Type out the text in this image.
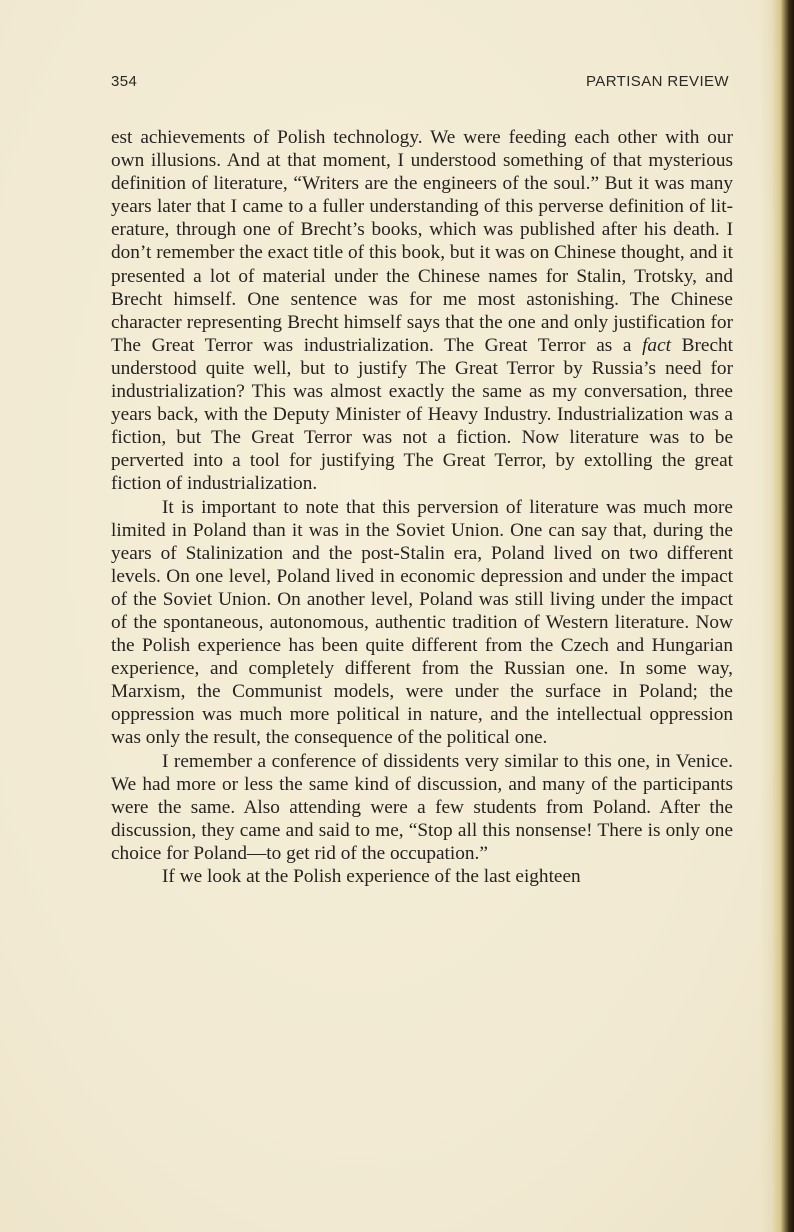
354	PARTISAN REVIEW

est achievements of Polish technology. We were feeding each other with our own illusions. And at that moment, I understood something of that mysterious definition of literature, “Writers are the engineers of the soul.” But it was many years later that I came to a fuller understanding of this perverse definition of literature, through one of Brecht’s books, which was published after his death. I don’t remember the exact title of this book, but it was on Chinese thought, and it presented a lot of material under the Chinese names for Stalin, Trotsky, and Brecht himself. One sentence was for me most astonishing. The Chinese character representing Brecht himself says that the one and only justification for The Great Terror was industrialization. The Great Terror as a fact Brecht understood quite well, but to justify The Great Terror by Russia’s need for industrialization? This was almost exactly the same as my conversation, three years back, with the Deputy Minister of Heavy Industry. Industrialization was a fiction, but The Great Terror was not a fiction. Now literature was to be perverted into a tool for justifying The Great Terror, by extolling the great fiction of industrialization.

It is important to note that this perversion of literature was much more limited in Poland than it was in the Soviet Union. One can say that, during the years of Stalinization and the post-Stalin era, Poland lived on two different levels. On one level, Poland lived in economic depression and under the impact of the Soviet Union. On another level, Poland was still living under the impact of the spontaneous, autonomous, authentic tradition of Western literature. Now the Polish experience has been quite different from the Czech and Hungarian experience, and completely different from the Russian one. In some way, Marxism, the Communist models, were under the surface in Poland; the oppression was much more political in nature, and the intellectual oppression was only the result, the consequence of the political one.

I remember a conference of dissidents very similar to this one, in Venice. We had more or less the same kind of discussion, and many of the participants were the same. Also attending were a few students from Poland. After the discussion, they came and said to me, “Stop all this nonsense! There is only one choice for Poland—to get rid of the occupation.”

If we look at the Polish experience of the last eighteen
